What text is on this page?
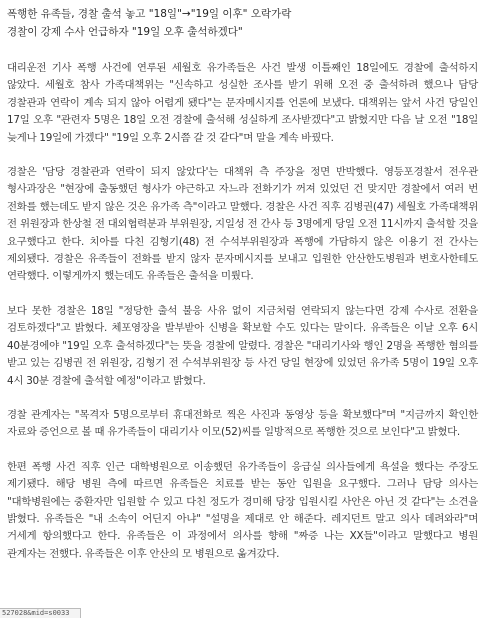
폭행한 유족들, 경찰 출석 놓고 "18일"→"19일 이후" 오락가락
경찰이 강제 수사 언급하자 "19일 오후 출석하겠다"

대리운전 기사 폭행 사건에 연루된 세월호 유가족들은 사건 발생 이틀째인 18일에도 경찰에 출석하지 않았다. 세월호 참사 가족대책위는 "신속하고 성실한 조사를 받기 위해 오전 중 출석하려 했으나 담당 경찰관과 연락이 계속 되지 않아 어렵게 됐다"는 문자메시지를 언론에 보냈다. 대책위는 앞서 사건 당일인 17일 오후 "관련자 5명은 18일 오전 경찰에 출석해 성실하게 조사받겠다"고 밝혔지만 다음 날 오전 "18일 늦게나 19일에 가겠다" "19일 오후 2시쯤 갈 것 같다"며 말을 계속 바꿨다.

경찰은 '담당 경찰관과 연락이 되지 않았다'는 대책위 측 주장을 정면 반박했다. 영등포경찰서 전우관 형사과장은 "현장에 출동했던 형사가 야근하고 자느라 전화기가 꺼져 있었던 건 맞지만 경찰에서 여러 번 전화를 했는데도 받지 않은 것은 유가족 측"이라고 말했다. 경찰은 사건 직후 김병권(47) 세월호 가족대책위 전 위원장과 한상철 전 대외협력분과 부위원장, 지일성 전 간사 등 3명에게 당일 오전 11시까지 출석할 것을 요구했다고 한다. 치아를 다친 김형기(48) 전 수석부위원장과 폭행에 가담하지 않은 이용기 전 간사는 제외됐다. 경찰은 유족들이 전화를 받지 않자 문자메시지를 보내고 입원한 안산한도병원과 변호사한테도 연락했다. 이렇게까지 했는데도 유족들은 출석을 미뤘다.

보다 못한 경찰은 18일 "정당한 출석 불응 사유 없이 지금처럼 연락되지 않는다면 강제 수사로 전환을 검토하겠다"고 밝혔다. 체포영장을 발부받아 신병을 확보할 수도 있다는 말이다. 유족들은 이날 오후 6시 40분경에야 "19일 오후 출석하겠다"는 뜻을 경찰에 알렸다. 경찰은 "대리기사와 행인 2명을 폭행한 혐의를 받고 있는 김병권 전 위원장, 김형기 전 수석부위원장 등 사건 당일 현장에 있었던 유가족 5명이 19일 오후 4시 30분 경찰에 출석할 예정"이라고 밝혔다.

경찰 관계자는 "목격자 5명으로부터 휴대전화로 찍은 사진과 동영상 등을 확보했다"며 "지금까지 확인한 자료와 증언으로 볼 때 유가족들이 대리기사 이모(52)씨를 일방적으로 폭행한 것으로 보인다"고 밝혔다.

한편 폭행 사건 직후 인근 대학병원으로 이송했던 유가족들이 응급실 의사들에게 욕설을 했다는 주장도 제기됐다. 해당 병원 측에 따르면 유족들은 치료를 받는 동안 입원을 요구했다. 그러나 담당 의사는 "대학병원에는 중환자만 입원할 수 있고 다친 정도가 경미해 당장 입원시킬 사안은 아닌 것 같다"는 소견을 밝혔다. 유족들은 "내 소속이 어딘지 아냐" "설명을 제대로 안 해준다. 레지던트 말고 의사 데려와라"며 거세게 항의했다고 한다. 유족들은 이 과정에서 의사를 향해 "짜증 나는 XX들"이라고 말했다고 병원 관계자는 전했다. 유족들은 이후 안산의 모 병원으로 옮겨갔다.

527028&mid=s0033
